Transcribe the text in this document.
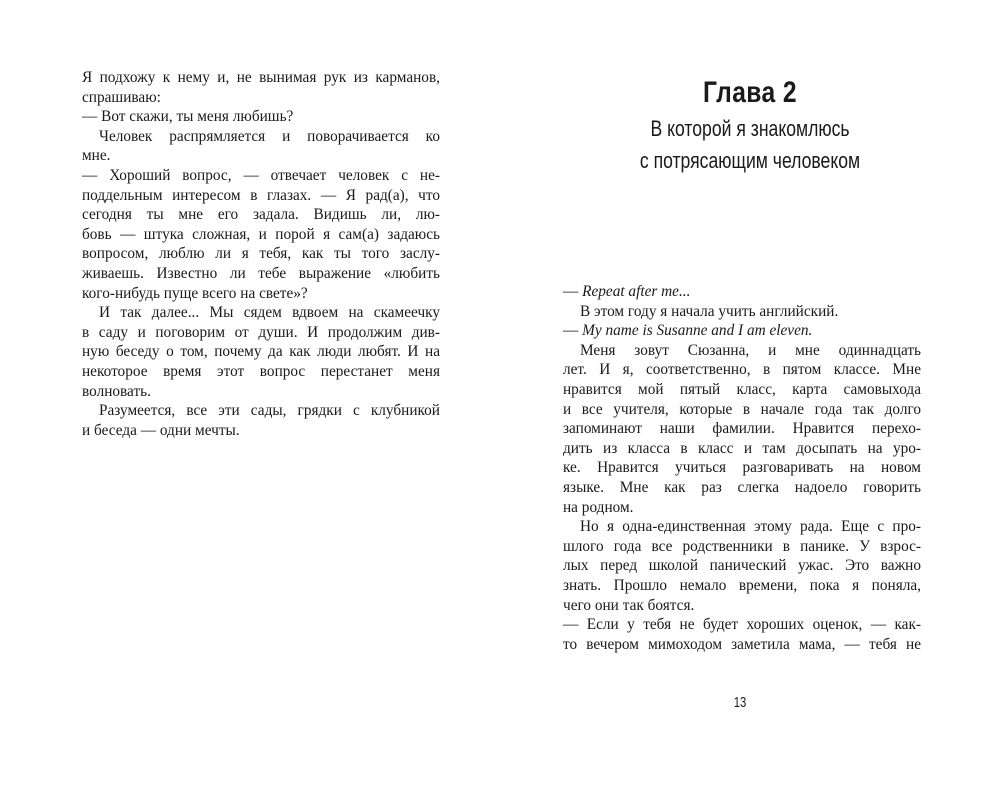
Я подхожу к нему и, не вынимая рук из карманов,
спрашиваю:
— Вот скажи, ты меня любишь?
Человек распрямляется и поворачивается ко
мне.
— Хороший вопрос, — отвечает человек с не-
поддельным интересом в глазах. — Я рад(а), что
сегодня ты мне его задала. Видишь ли, лю-
бовь — штука сложная, и порой я сам(а) задаюсь
вопросом, люблю ли я тебя, как ты того заслу-
живаешь. Известно ли тебе выражение «любить
кого-нибудь пуще всего на свете»?
И так далее... Мы сядем вдвоем на скамеечку
в саду и поговорим от души. И продолжим див-
ную беседу о том, почему да как люди любят. И на
некоторое время этот вопрос перестанет меня
волновать.
Разумеется, все эти сады, грядки с клубникой
и беседа — одни мечты.
Глава 2
В которой я знакомлюсь
с потрясающим человеком
— Repeat after me...
В этом году я начала учить английский.
— My name is Susanne and I am eleven.
Меня зовут Сюзанна, и мне одиннадцать
лет. И я, соответственно, в пятом классе. Мне
нравится мой пятый класс, карта самовыхода
и все учителя, которые в начале года так долго
запоминают наши фамилии. Нравится перехо-
дить из класса в класс и там досыпать на уро-
ке. Нравится учиться разговаривать на новом
языке. Мне как раз слегка надоело говорить
на родном.
Но я одна-единственная этому рада. Еще с про-
шлого года все родственники в панике. У взрос-
лых перед школой панический ужас. Это важно
знать. Прошло немало времени, пока я поняла,
чего они так боятся.
— Если у тебя не будет хороших оценок, — как-
то вечером мимоходом заметила мама, — тебя не
13
